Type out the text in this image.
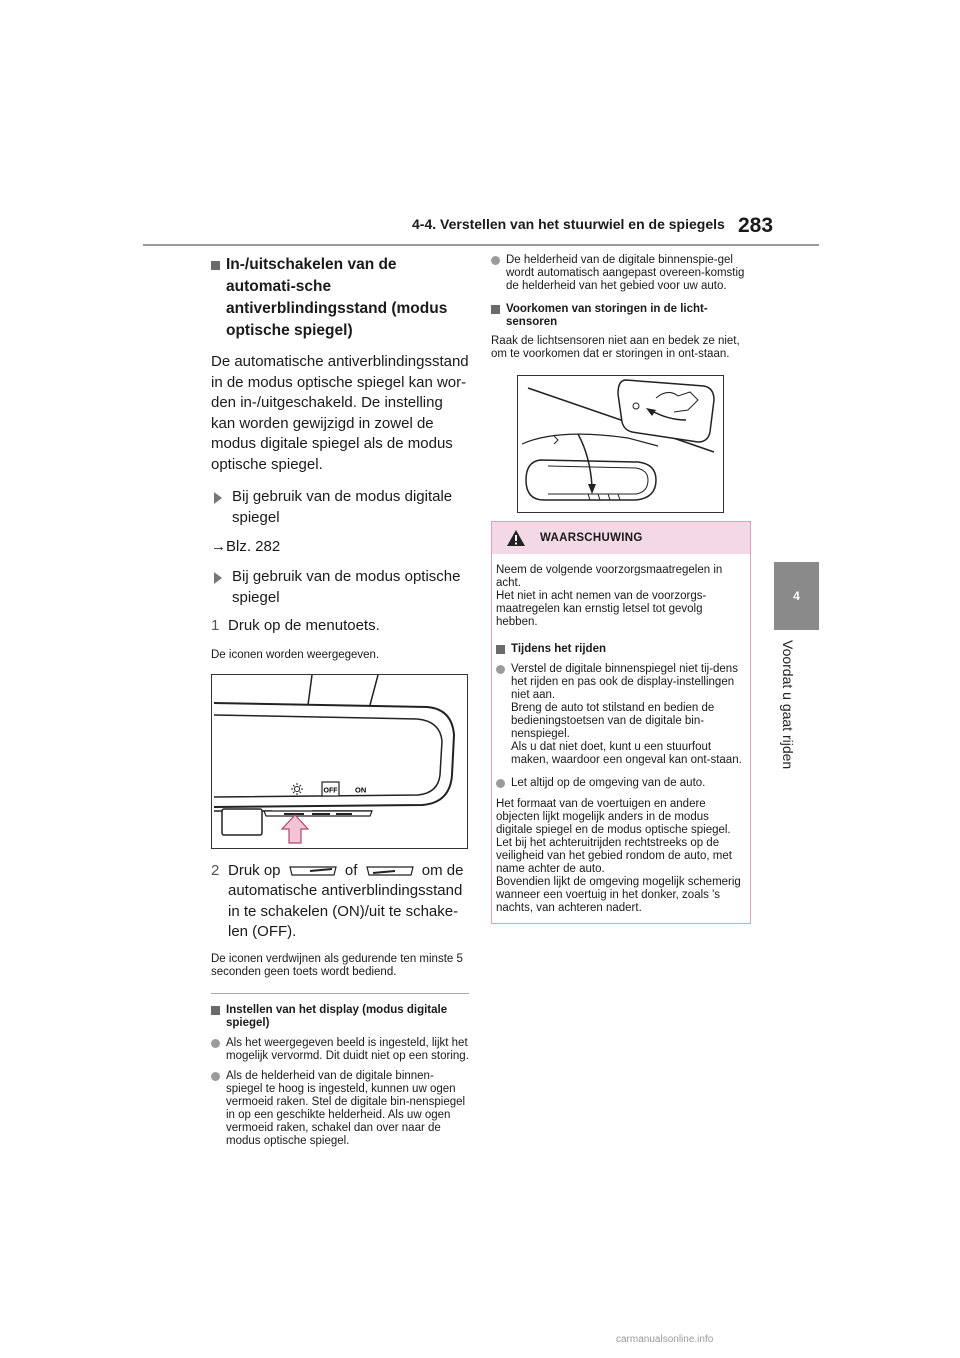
4-4. Verstellen van het stuurwiel en de spiegels 283
4
Voordat u gaat rijden
In-/uitschakelen van de automati-sche antiverblindingsstand (modus optische spiegel)

De automatische antiverblindingsstand in de modus optische spiegel kan wor-den in-/uitgeschakeld. De instelling kan worden gewijzigd in zowel de modus digitale spiegel als de modus optische spiegel.

Bij gebruik van de modus digitale spiegel
→Blz. 282
Bij gebruik van de modus optische spiegel
1 Druk op de menutoets.
De iconen worden weergegeven.
OFF ON
2 Druk op	of	om de automatische antiverblindingsstand in te schakelen (ON)/uit te schake-len (OFF).
De iconen verdwijnen als gedurende ten minste 5 seconden geen toets wordt bediend.
Instellen van het display (modus digitale spiegel)
Als het weergegeven beeld is ingesteld, lijkt het mogelijk vervormd. Dit duidt niet op een storing.
Als de helderheid van de digitale binnen-spiegel te hoog is ingesteld, kunnen uw ogen vermoeid raken. Stel de digitale bin-nenspiegel in op een geschikte helderheid. Als uw ogen vermoeid raken, schakel dan over naar de modus optische spiegel.
De helderheid van de digitale binnenspie-gel wordt automatisch aangepast overeen-komstig de helderheid van het gebied voor uw auto.
Voorkomen van storingen in de licht-sensoren
Raak de lichtsensoren niet aan en bedek ze niet, om te voorkomen dat er storingen in ont-staan.
WAARSCHUWING
Neem de volgende voorzorgsmaatregelen in acht.
Het niet in acht nemen van de voorzorgs-maatregelen kan ernstig letsel tot gevolg hebben.
Tijdens het rijden
Verstel de digitale binnenspiegel niet tij-dens het rijden en pas ook de display-instellingen niet aan.
Breng de auto tot stilstand en bedien de bedieningstoetsen van de digitale bin-nenspiegel.
Als u dat niet doet, kunt u een stuurfout maken, waardoor een ongeval kan ont-staan.
Let altijd op de omgeving van de auto.
Het formaat van de voertuigen en andere objecten lijkt mogelijk anders in de modus digitale spiegel en de modus optische spiegel.
Let bij het achteruitrijden rechtstreeks op de veiligheid van het gebied rondom de auto, met name achter de auto.
Bovendien lijkt de omgeving mogelijk schemerig wanneer een voertuig in het donker, zoals 's nachts, van achteren nadert.
carmanualsonline.info
